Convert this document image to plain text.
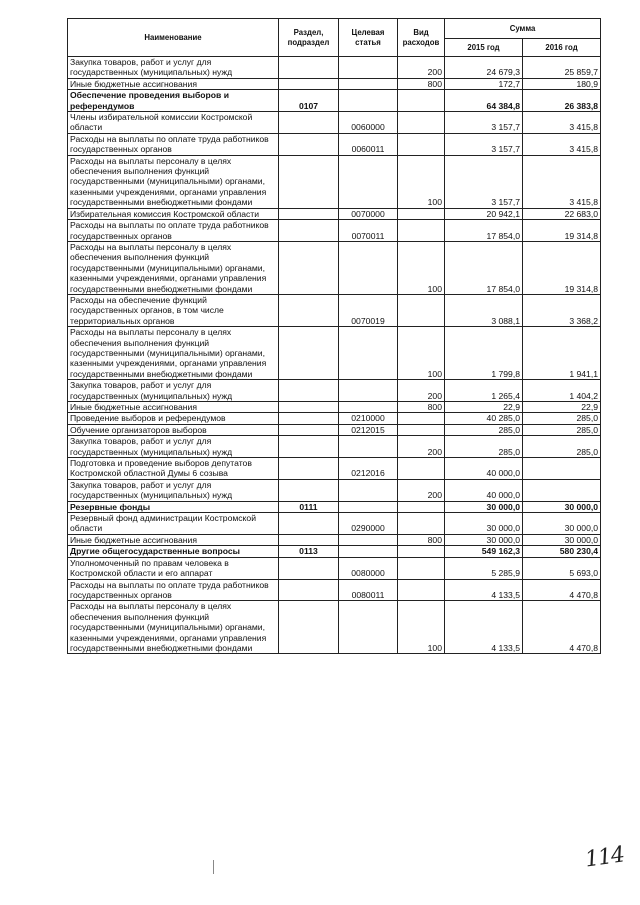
Наименование	Раздел, подраздел	Целевая статья	Вид расходов	Сумма	
				2015 год	2016 год
Закупка товаров, работ и услуг для государственных (муниципальных) нужд			200	24 679,3	25 859,7
Иные бюджетные ассигнования			800	172,7	180,9
Обеспечение проведения выборов и референдумов	0107			64 384,8	26 383,8
Члены избирательной комиссии Костромской области		0060000		3 157,7	3 415,8
Расходы на выплаты по оплате труда работников государственных органов		0060011		3 157,7	3 415,8
Расходы на выплаты персоналу в целях обеспечения выполнения функций государственными (муниципальными) органами, казенными учреждениями, органами управления государственными внебюджетными фондами			100	3 157,7	3 415,8
Избирательная комиссия Костромской области		0070000		20 942,1	22 683,0
Расходы на выплаты по оплате труда работников государственных органов		0070011		17 854,0	19 314,8
Расходы на выплаты персоналу в целях обеспечения выполнения функций государственными (муниципальными) органами, казенными учреждениями, органами управления государственными внебюджетными фондами			100	17 854,0	19 314,8
Расходы на обеспечение функций государственных органов, в том числе территориальных органов		0070019		3 088,1	3 368,2
Расходы на выплаты персоналу в целях обеспечения выполнения функций государственными (муниципальными) органами, казенными учреждениями, органами управления государственными внебюджетными фондами			100	1 799,8	1 941,1
Закупка товаров, работ и услуг для государственных (муниципальных) нужд			200	1 265,4	1 404,2
Иные бюджетные ассигнования			800	22,9	22,9
Проведение выборов и референдумов		0210000		40 285,0	285,0
Обучение организаторов выборов		0212015		285,0	285,0
Закупка товаров, работ и услуг для государственных (муниципальных) нужд			200	285,0	285,0
Подготовка и проведение выборов депутатов Костромской областной Думы 6 созыва		0212016		40 000,0	
Закупка товаров, работ и услуг для государственных (муниципальных) нужд			200	40 000,0	
Резервные фонды	0111			30 000,0	30 000,0
Резервный фонд администрации Костромской области		0290000		30 000,0	30 000,0
Иные бюджетные ассигнования			800	30 000,0	30 000,0
Другие общегосударственные вопросы	0113			549 162,3	580 230,4
Уполномоченный по правам человека в Костромской области и его аппарат		0080000		5 285,9	5 693,0
Расходы на выплаты по оплате труда работников государственных органов		0080011		4 133,5	4 470,8
Расходы на выплаты персоналу в целях обеспечения выполнения функций государственными (муниципальными) органами, казенными учреждениями, органами управления государственными внебюджетными фондами			100	4 133,5	4 470,8
114
